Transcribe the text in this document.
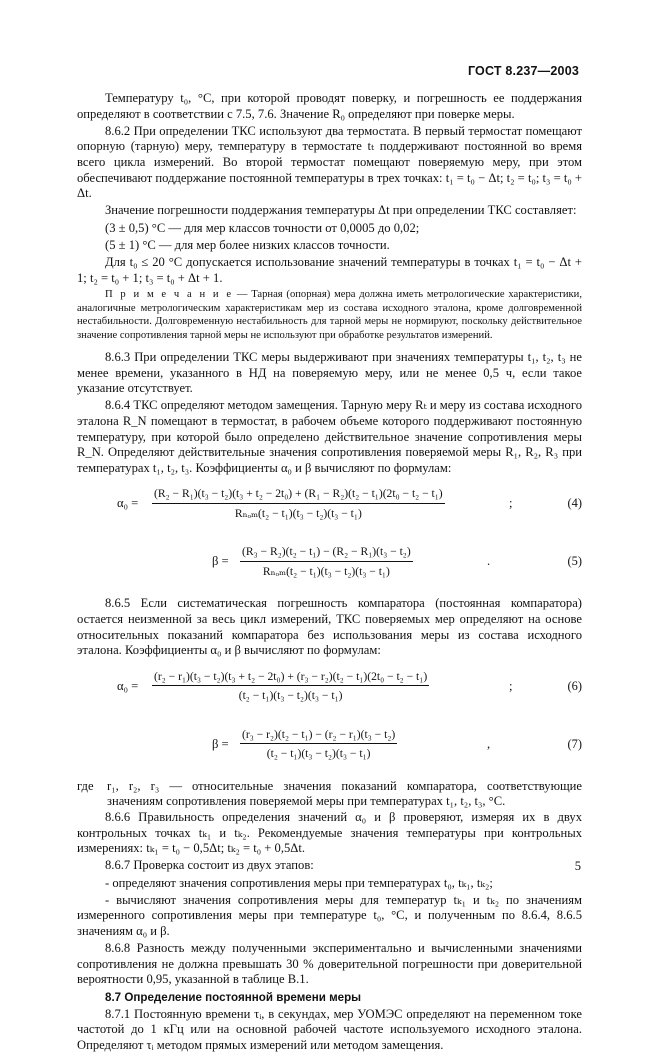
ГОСТ 8.237—2003

Температуру t₀, °С, при которой проводят поверку, и погрешность ее поддержания определяют в соответствии с 7.5, 7.6. Значение R₀ определяют при поверке меры.

8.6.2 При определении ТКС используют два термостата. В первый термостат помещают опорную (тарную) меру, температуру в термостате tₜ поддерживают постоянной во время всего цикла измерений. Во второй термостат помещают поверяемую меру, при этом обеспечивают поддержание постоянной температуры в трех точках: t₁ = t₀ − Δt; t₂ = t₀; t₃ = t₀ + Δt.

Значение погрешности поддержания температуры Δt при определении ТКС составляет:

(3 ± 0,5) °С — для мер классов точности от 0,0005 до 0,02;

(5 ± 1) °С — для мер более низких классов точности.

Для t₀ ≤ 20 °С допускается использование значений температуры в точках t₁ = t₀ − Δt + 1; t₂ = t₀ + 1; t₃ = t₀ + Δt + 1.

П р и м е ч а н и е — Тарная (опорная) мера должна иметь метрологические характеристики, аналогичные метрологическим характеристикам мер из состава исходного эталона, кроме долговременной нестабильности. Долговременную нестабильность для тарной меры не нормируют, поскольку действительное значение сопротивления тарной меры не используют при обработке результатов измерений.

8.6.3 При определении ТКС меры выдерживают при значениях температуры t₁, t₂, t₃ не менее времени, указанного в НД на поверяемую меру, или не менее 0,5 ч, если такое указание отсутствует.

8.6.4 ТКС определяют методом замещения. Тарную меру Rₜ и меру из состава исходного эталона R_N помещают в термостат, в рабочем объеме которого поддерживают постоянную температуру, при которой было определено действительное значение сопротивления меры R_N. Определяют действительные значения сопротивления поверяемой меры R₁, R₂, R₃ при температурах t₁, t₂, t₃. Коэффициенты α₀ и β вычисляют по формулам:

α₀ =
(R₂ − R₁)(t₃ − t₂)(t₃ + t₂ − 2t₀) + (R₁ − R₂)(t₂ − t₁)(2t₀ − t₂ − t₁)
Rₙₒₘ(t₂ − t₁)(t₃ − t₂)(t₃ − t₁)
;	(4)
β =
(R₃ − R₂)(t₂ − t₁) − (R₂ − R₁)(t₃ − t₂)
Rₙₒₘ(t₂ − t₁)(t₃ − t₂)(t₃ − t₁)
.	(5)

8.6.5 Если систематическая погрешность компаратора (постоянная компаратора) остается неизменной за весь цикл измерений, ТКС поверяемых мер определяют на основе относительных показаний компаратора без использования меры из состава исходного эталона. Коэффициенты α₀ и β вычисляют по формулам:

α₀ =
(r₂ − r₁)(t₃ − t₂)(t₃ + t₂ − 2t₀) + (r₃ − r₂)(t₂ − t₁)(2t₀ − t₂ − t₁)
(t₂ − t₁)(t₃ − t₂)(t₃ − t₁)
;	(6)
$\beta = \frac{\text{(r₃ − r₂)(t₂ − t₁) − (r₂ − r₁)(t₃ − t₂)}}{\text{(t₂ − t₁)(t₃ − t₂)(t₃ − t₁)}}$	,	(7)
где	r₁, r₂, r₃ — относительные значения показаний компаратора, соответствующие значениям сопротивления поверяемой меры при температурах t₁, t₂, t₃, °С.

8.6.6 Правильность определения значений α₀ и β проверяют, измеряя их в двух контрольных точках tₖ₁ и tₖ₂. Рекомендуемые значения температуры при контрольных измерениях: tₖ₁ = t₀ − 0,5Δt; tₖ₂ = t₀ + 0,5Δt.

8.6.7 Проверка состоит из двух этапов:

- определяют значения сопротивления меры при температурах t₀, tₖ₁, tₖ₂;

- вычисляют значения сопротивления меры для температур tₖ₁ и tₖ₂ по значениям измеренного сопротивления меры при температуре t₀, °С, и полученным по 8.6.4, 8.6.5 значениям α₀ и β.

8.6.8 Разность между полученными экспериментально и вычисленными значениями сопротивления не должна превышать 30 % доверительной погрешности при доверительной вероятности 0,95, указанной в таблице В.1.

8.7 Определение постоянной времени меры

8.7.1 Постоянную времени τᵢ, в секундах, мер УОМЭС определяют на переменном токе частотой до 1 кГц или на основной рабочей частоте используемого исходного эталона. Определяют τᵢ методом прямых измерений или методом замещения.

5
